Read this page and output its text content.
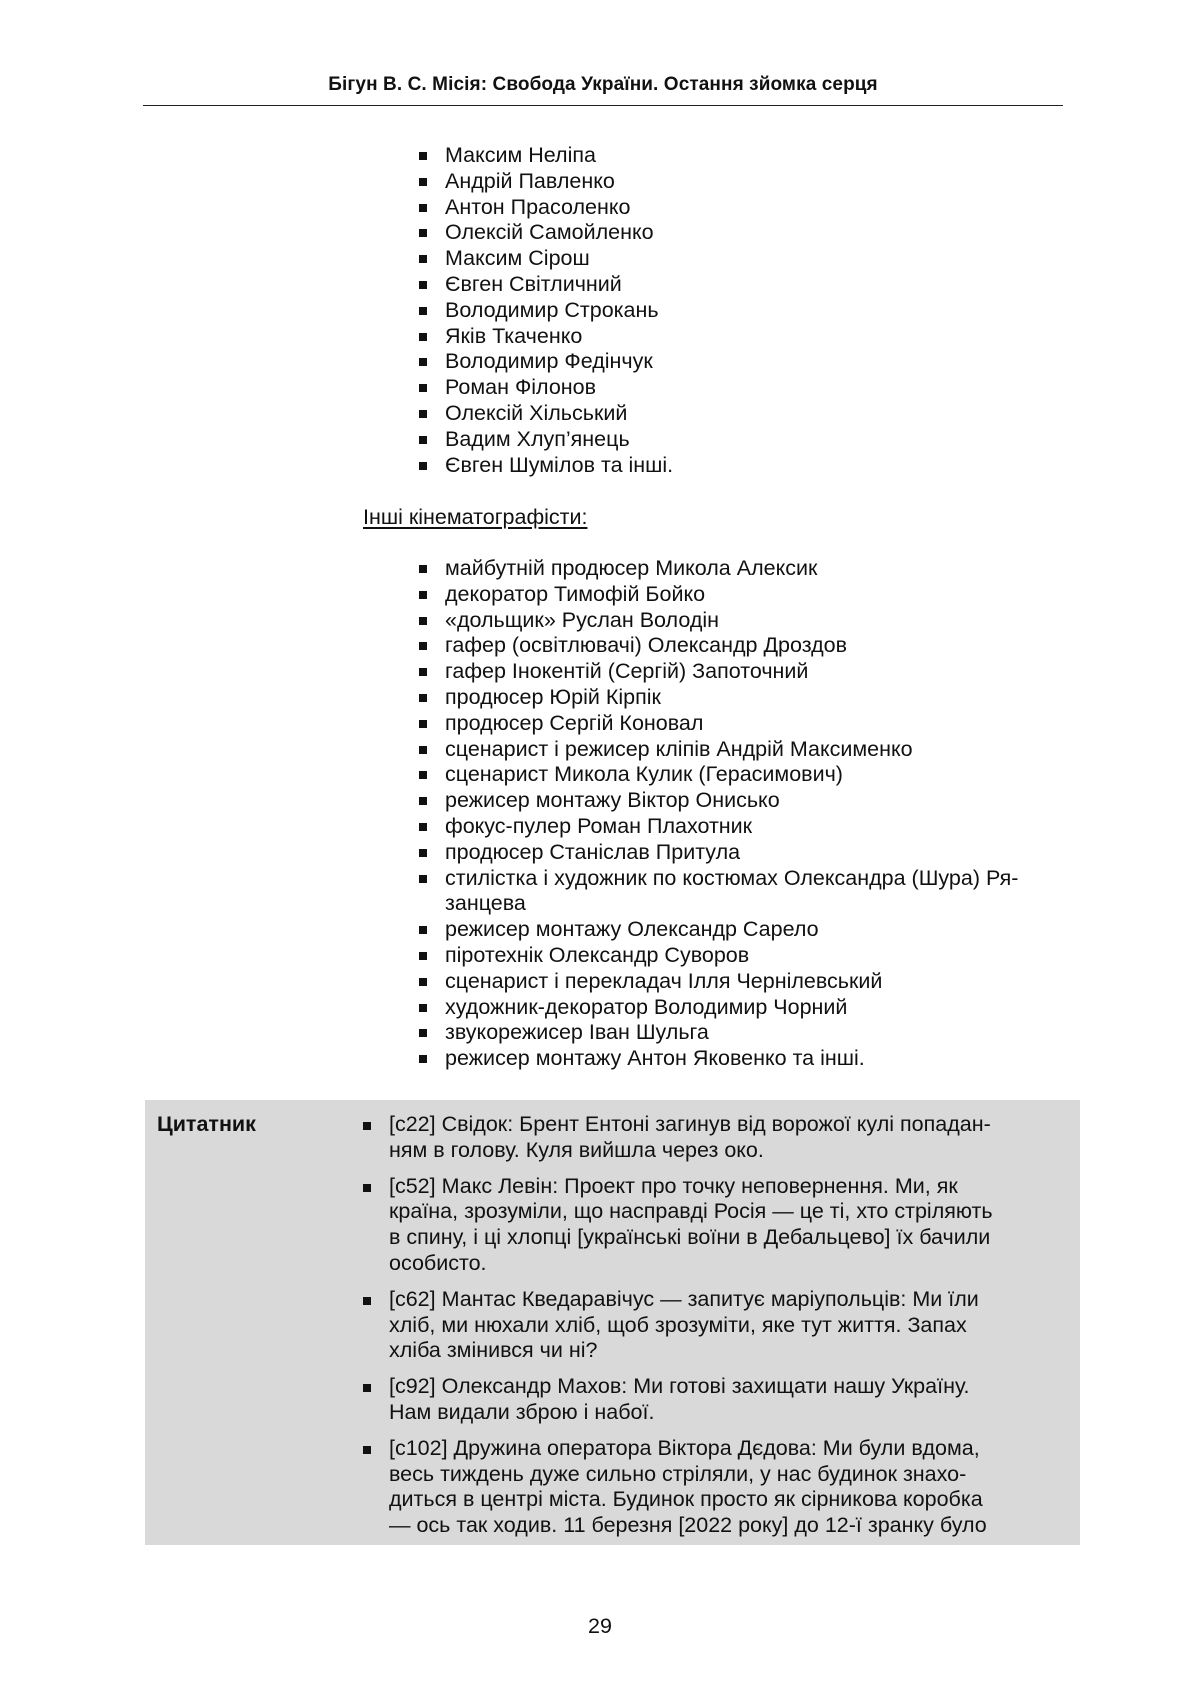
Бігун В. С. Місія: Свобода України. Остання зйомка серця
Максим Неліпа
Андрій Павленко
Антон Прасоленко
Олексій Самойленко
Максим Сірош
Євген Світличний
Володимир Строкань
Яків Ткаченко
Володимир Федінчук
Роман Філонов
Олексій Хільський
Вадим Хлуп’янець
Євген Шумілов та інші.
Інші кінематографісти:
майбутній продюсер Микола Алексик
декоратор Тимофій Бойко
«дольщик» Руслан Володін
гафер (освітлювачі) Олександр Дроздов
гафер Інокентій (Сергій) Запоточний
продюсер Юрій Кірпік
продюсер Сергій Коновал
сценарист і режисер кліпів Андрій Максименко
сценарист Микола Кулик (Герасимович)
режисер монтажу Віктор Онисько
фокус-пулер Роман Плахотник
продюсер Станіслав Притула
стилістка і художник по костюмах Олександра (Шура) Ря-
занцева
режисер монтажу Олександр Сарело
піротехнік Олександр Суворов
сценарист і перекладач Ілля Чернілевський
художник-декоратор Володимир Чорний
звукорежисер Іван Шульга
режисер монтажу Антон Яковенко та інші.
Цитатник	[с22] Свідок: Брент Ентоні загинув від ворожої кулі попадан-
ням в голову. Куля вийшла через око.
[с52] Макс Левін: Проект про точку неповернення. Ми, як
країна, зрозуміли, що насправді Росія — це ті, хто стріляють
в спину, і ці хлопці [українські воїни в Дебальцево] їх бачили
особисто.
[с62] Мантас Кведаравічус — запитує маріупольців: Ми їли
хліб, ми нюхали хліб, щоб зрозуміти, яке тут життя. Запах
хліба змінився чи ні?
[с92] Олександр Махов: Ми готові захищати нашу Україну.
Нам видали зброю і набої.
[с102] Дружина оператора Віктора Дєдова: Ми були вдома,
весь тиждень дуже сильно стріляли, у нас будинок знахо-
диться в центрі міста. Будинок просто як сірникова коробка
— ось так ходив. 11 березня [2022 року] до 12-ї зранку було
29
